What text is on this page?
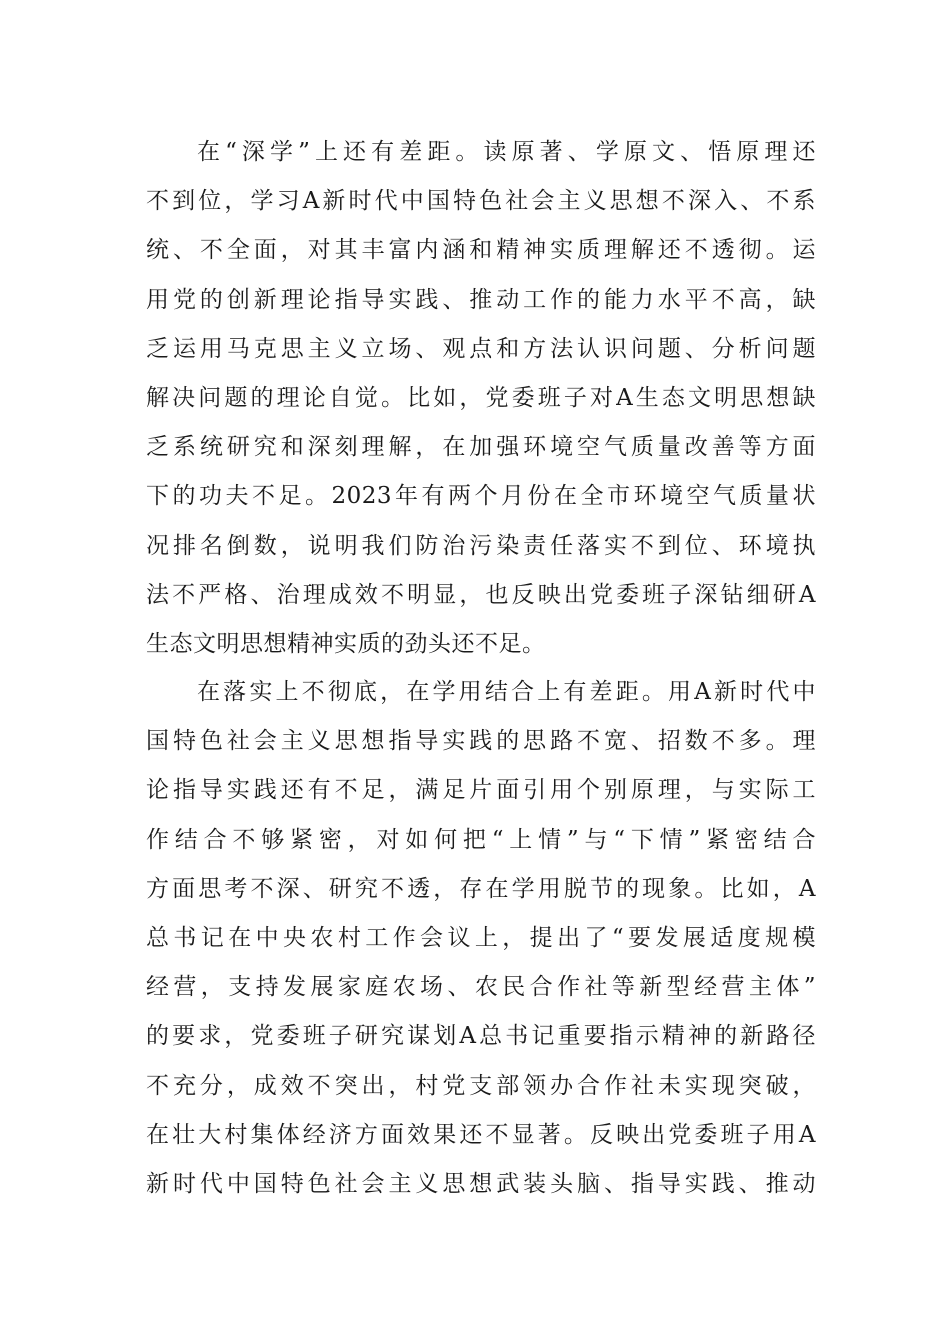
在“深学”上还有差距。读原著、学原文、悟原理还
不到位，学习A新时代中国特色社会主义思想不深入、不系
统、不全面，对其丰富内涵和精神实质理解还不透彻。运
用党的创新理论指导实践、推动工作的能力水平不高，缺
乏运用马克思主义立场、观点和方法认识问题、分析问题
解决问题的理论自觉。比如，党委班子对A生态文明思想缺
乏系统研究和深刻理解，在加强环境空气质量改善等方面
下的功夫不足。2023年有两个月份在全市环境空气质量状
况排名倒数，说明我们防治污染责任落实不到位、环境执
法不严格、治理成效不明显，也反映出党委班子深钻细研A
生态文明思想精神实质的劲头还不足。

在落实上不彻底，在学用结合上有差距。用A新时代中
国特色社会主义思想指导实践的思路不宽、招数不多。理
论指导实践还有不足，满足片面引用个别原理，与实际工
作结合不够紧密，对如何把“上情”与“下情”紧密结合
方面思考不深、研究不透，存在学用脱节的现象。比如，A
总书记在中央农村工作会议上，提出了“要发展适度规模
经营，支持发展家庭农场、农民合作社等新型经营主体”
的要求，党委班子研究谋划A总书记重要指示精神的新路径
不充分，成效不突出，村党支部领办合作社未实现突破，
在壮大村集体经济方面效果还不显著。反映出党委班子用A
新时代中国特色社会主义思想武装头脑、指导实践、推动
